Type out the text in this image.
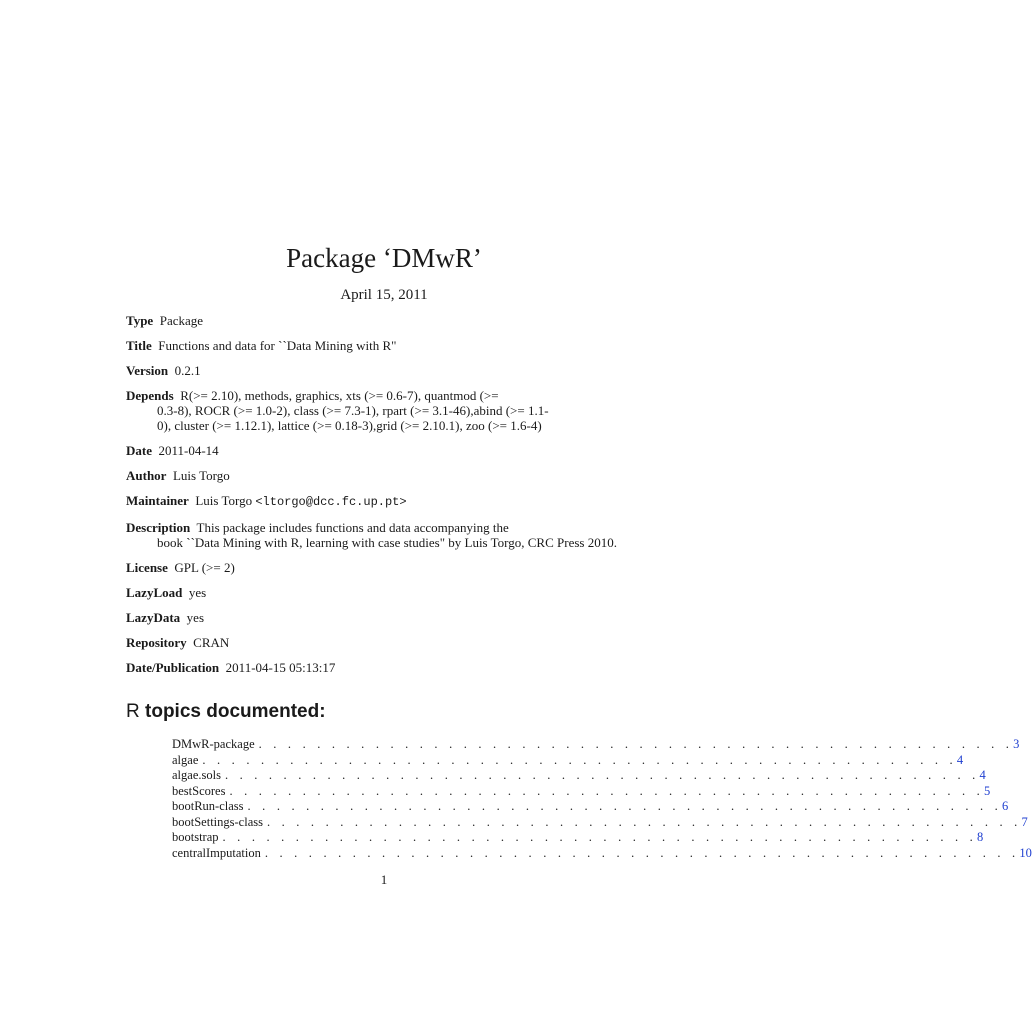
Package ‘DMwR’
April 15, 2011
Type Package
Title Functions and data for ``Data Mining with R"
Version 0.2.1
Depends R(>= 2.10), methods, graphics, xts (>= 0.6-7), quantmod (>=
0.3-8), ROCR (>= 1.0-2), class (>= 7.3-1), rpart (>= 3.1-46),abind (>= 1.1-
0), cluster (>= 1.12.1), lattice (>= 0.18-3),grid (>= 2.10.1), zoo (>= 1.6-4)
Date 2011-04-14
Author Luis Torgo
Maintainer Luis Torgo <ltorgo@dcc.fc.up.pt>
Description This package includes functions and data accompanying the
book ``Data Mining with R, learning with case studies" by Luis Torgo, CRC Press 2010.
License GPL (>= 2)
LazyLoad yes
LazyData yes
Repository CRAN
Date/Publication 2011-04-15 05:13:17
R topics documented:
DMwR-package . . . . . . . . . . . . . . . . . . . . . . . . . . . . . . . . . . . . . . . . . . . . . . . . . . . . 3
algae . . . . . . . . . . . . . . . . . . . . . . . . . . . . . . . . . . . . . . . . . . . . . . . . . . . . 4
algae.sols . . . . . . . . . . . . . . . . . . . . . . . . . . . . . . . . . . . . . . . . . . . . . . . . . . . . 4
bestScores . . . . . . . . . . . . . . . . . . . . . . . . . . . . . . . . . . . . . . . . . . . . . . . . . . . . 5
bootRun-class . . . . . . . . . . . . . . . . . . . . . . . . . . . . . . . . . . . . . . . . . . . . . . . . . . . . 6
bootSettings-class . . . . . . . . . . . . . . . . . . . . . . . . . . . . . . . . . . . . . . . . . . . . . . . . . . . . 7
bootstrap . . . . . . . . . . . . . . . . . . . . . . . . . . . . . . . . . . . . . . . . . . . . . . . . . . . . 8
centralImputation . . . . . . . . . . . . . . . . . . . . . . . . . . . . . . . . . . . . . . . . . . . . . . . . . . . . 10
1
